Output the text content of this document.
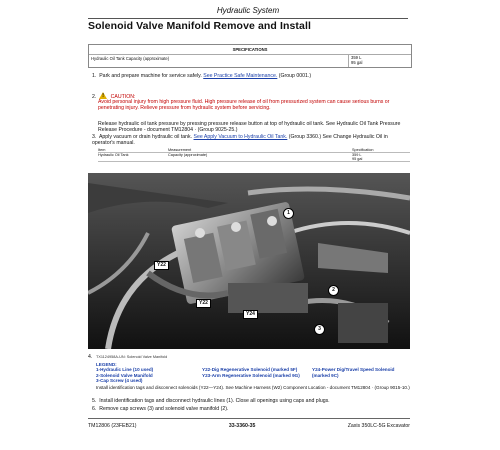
Hydraulic System
Solenoid Valve Manifold Remove and Install
SPECIFICATIONS
Hydraulic Oil Tank Capacity (approximate)	359 L
95 gal
1. Park and prepare machine for service safely. See Practice Safe Maintenance. (Group 0001.)
2.  !	CAUTION:
Avoid personal injury from high pressure fluid. High pressure release of oil from pressurized system can cause serious burns or penetrating injury. Relieve pressure from hydraulic system before servicing.
Release hydraulic oil tank pressure by pressing pressure release button at top of hydraulic oil tank. See Hydraulic Oil Tank Pressure Release Procedure - document TM12804 · (Group 9025-25.)
3. Apply vacuum or drain hydraulic oil tank. See Apply Vacuum to Hydraulic Oil Tank. (Group 3360.) See Change Hydraulic Oil in operator's manual.
Item	Measurement	Specification
Hydraulic Oil Tank	Capacity (approximate)	359 L
95 gal
Y22
Y22
Y24
1
2
3
4. TX1124958A-UN: Solenoid Valve Manifold
LEGEND:
1-Hydraulic Line (10 used)
2-Solenoid Valve Manifold
3-Cap Screw (4 used)
Y22-Dig Regenerative Solenoid (marked 5F)
Y23-Arm Regenerative Solenoid (marked 9G)
Y24-Power Dig/Travel Speed Solenoid (marked 9C)
Install identification tags and disconnect solenoids (Y22—Y24). See Machine Harness (W2) Component Location - document TM12804 · (Group 9015-10.)
5. Install identification tags and disconnect hydraulic lines (1). Close all openings using caps and plugs.
6. Remove cap screws (3) and solenoid valve manifold (2).
TM12806 (23FEB21)	33-3360-35	Zaxis 350LC-5G Excavator
